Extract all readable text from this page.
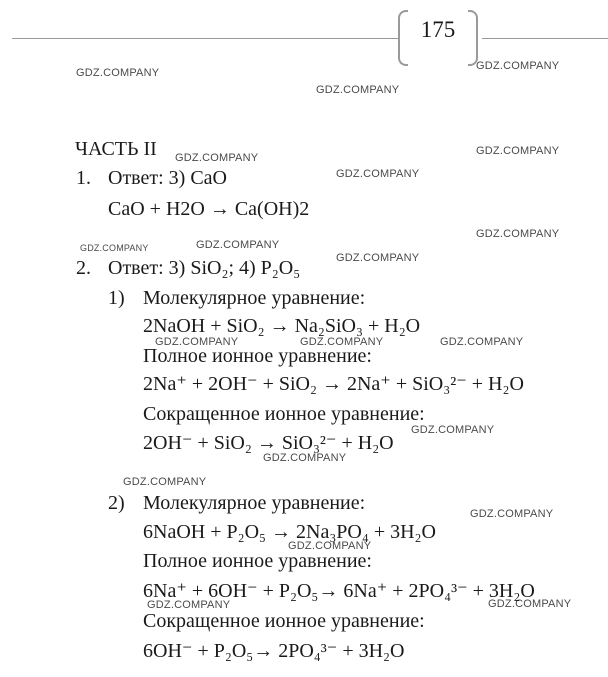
175
GDZ.COMPANY
GDZ.COMPANY
GDZ.COMPANY
GDZ.COMPANY
GDZ.COMPANY
GDZ.COMPANY
GDZ.COMPANY
GDZ.COMPANY
GDZ.COMPANY
GDZ.COMPANY
GDZ.COMPANY	GDZ.COMPANY	GDZ.COMPANY
GDZ.COMPANY
GDZ.COMPANY
GDZ.COMPANY
GDZ.COMPANY
GDZ.COMPANY
GDZ.COMPANY	GDZ.COMPANY
ЧАСТЬ II
1. Ответ: 3) CaO
CaO + H2O → Ca(OH)2
2. Ответ: 3) SiO₂; 4) P₂O₅
1) Молекулярное уравнение:
2NaOH + SiO₂ → Na₂SiO₃ + H₂O
Полное ионное уравнение:
2Na⁺ + 2OH⁻ + SiO₂ → 2Na⁺ + SiO₃²⁻ + H₂O
Сокращенное ионное уравнение:
2OH⁻ + SiO₂ → SiO₃²⁻ + H₂O
2) Молекулярное уравнение:
6NaOH + P₂O₅ → 2Na₃PO₄ + 3H₂O
Полное ионное уравнение:
6Na⁺ + 6OH⁻ + P₂O₅→ 6Na⁺ + 2PO₄³⁻ + 3H₂O
Сокращенное ионное уравнение:
6OH⁻ + P₂O₅→ 2PO₄³⁻ + 3H₂O
